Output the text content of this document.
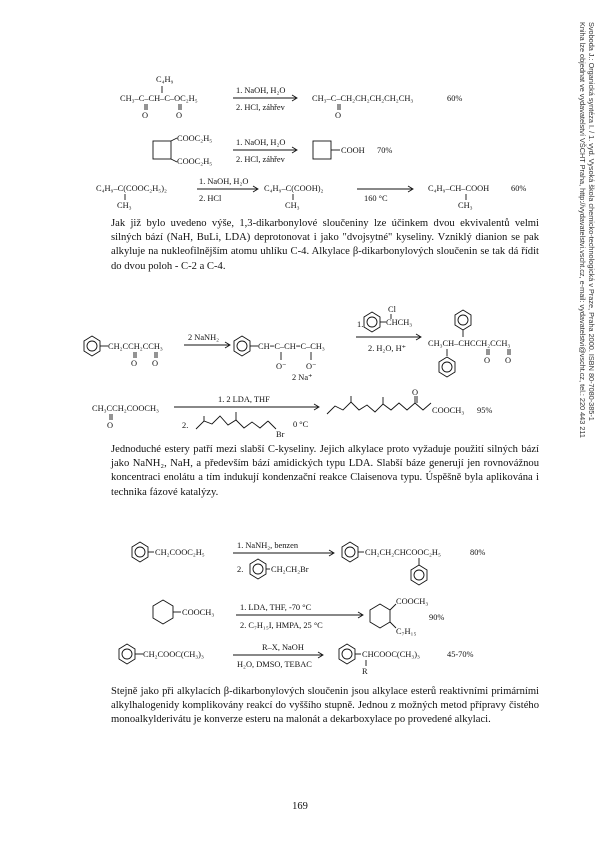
Svoboda J.: Organická syntéza I. / 1. vyd. Vysoká škola chemicko-technologická v Praze, Praha 2000. ISBN 80-7080-385-1
Kniha lze objednat ve vydavatelství VŠCHT Praha, http://vydavatelstvi.vscht.cz, e-mail: vydavatelstvi@vscht.cz, tel.: 220 443 211
C₄H₉
CH₃–C–CH–C–OC₂H₅
O	O
1. NaOH, H₂O
2. HCl, záhřev
CH₃–C–CH₂CH₂CH₂CH₂CH₃
O
60%
COOC₂H₅
COOC₂H₅
1. NaOH, H₂O
2. HCl, záhřev
COOH 70%
C₄H₉–C(COOC₂H₅)₂
CH₃
1. NaOH, H₂O
2. HCl
C₄H₉–C(COOH)₂
CH₃
160 °C
C₄H₉–CH–COOH
CH₃
60%
CH₂CCH₂CCH₃
O O
2 NaNH₂
CH=C–CH=C–CH₃
O⁻ O⁻
2 Na⁺
1.
Cl
CHCH₃
2. H₂O, H⁺
CH₃CH–CHCCH₂CCH₃
O O
CH₃CCH₂COOCH₃
O
1. 2 LDA, THF
2.
Br
0 °C
O
COOCH₃ 95%
CH₂COOC₂H₅
1. NaNH₂, benzen
2.	CH₂CH₂Br
CH₂CH₂CHCOOC₂H₅	80%
COOCH₃
1. LDA, THF, -70 °C
2. C₇H₁₅I, HMPA, 25 °C
COOCH₃
C₇H₁₅
90%
CH₂COOC(CH₃)₃
R–X, NaOH
H₂O, DMSO, TEBAC
CHCOOC(CH₃)₃
R
45-70%

Jak již bylo uvedeno výše, 1,3-dikarbonylové sloučeniny lze účinkem dvou ekvivalentů velmi silných bází (NaH, BuLi, LDA) deprotonovat i jako "dvojsytné" kyseliny. Vzniklý dianion se pak alkyluje na nukleofilnějším atomu uhlíku C-4. Alkylace β-dikarbonylových sloučenin se tak dá řídit do dvou poloh - C-2 a C-4.

Jednoduché estery patří mezi slabší C-kyseliny. Jejich alkylace proto vyžaduje použití silných bází jako NaNH₂, NaH, a především bází amidických typu LDA. Slabší báze generují jen rovnovážnou koncentraci enolátu a tím indukují kondenzační reakce Claisenova typu. Úspěšně byla aplikována i technika fázové katalýzy.

Stejně jako při alkylacích β-dikarbonylových sloučenin jsou alkylace esterů reaktivními primárními alkylhalogenidy komplikovány reakcí do vyššího stupně. Jednou z možných metod přípravy čistého monoalkylderivátu je konverze esteru na malonát a dekarboxylace po provedené alkylaci.

169
